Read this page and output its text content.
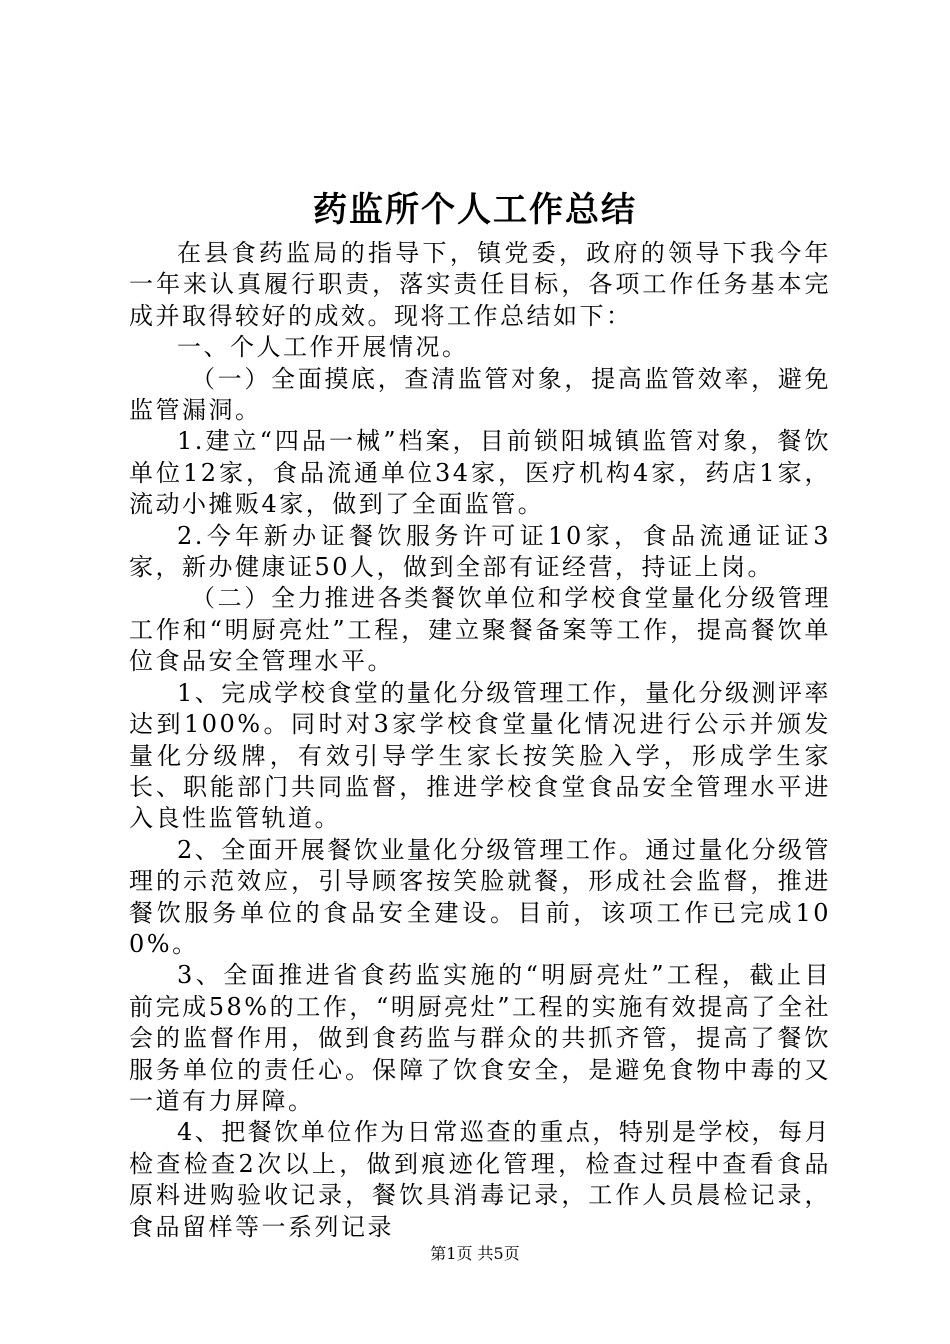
药监所个人工作总结

在县食药监局的指导下，镇党委，政府的领导下我今年一年来认真履行职责，落实责任目标，各项工作任务基本完成并取得较好的成效。现将工作总结如下：

一、个人工作开展情况。

（一）全面摸底，查清监管对象，提高监管效率，避免监管漏洞。

1.建立“四品一械”档案，目前锁阳城镇监管对象，餐饮单位12家，食品流通单位34家，医疗机构4家，药店1家，流动小摊贩4家，做到了全面监管。

2.今年新办证餐饮服务许可证10家，食品流通证证3家，新办健康证50人，做到全部有证经营，持证上岗。

（二）全力推进各类餐饮单位和学校食堂量化分级管理工作和“明厨亮灶”工程，建立聚餐备案等工作，提高餐饮单位食品安全管理水平。

1、完成学校食堂的量化分级管理工作，量化分级测评率达到100%。同时对3家学校食堂量化情况进行公示并颁发量化分级牌，有效引导学生家长按笑脸入学，形成学生家长、职能部门共同监督，推进学校食堂食品安全管理水平进入良性监管轨道。

2、全面开展餐饮业量化分级管理工作。通过量化分级管理的示范效应，引导顾客按笑脸就餐，形成社会监督，推进餐饮服务单位的食品安全建设。目前，该项工作已完成100%。

3、全面推进省食药监实施的“明厨亮灶”工程，截止目前完成58%的工作，“明厨亮灶”工程的实施有效提高了全社会的监督作用，做到食药监与群众的共抓齐管，提高了餐饮服务单位的责任心。保障了饮食安全，是避免食物中毒的又一道有力屏障。

4、把餐饮单位作为日常巡查的重点，特别是学校，每月检查检查2次以上，做到痕迹化管理，检查过程中查看食品原料进购验收记录，餐饮具消毒记录，工作人员晨检记录，食品留样等一系列记录

第1页 共5页
